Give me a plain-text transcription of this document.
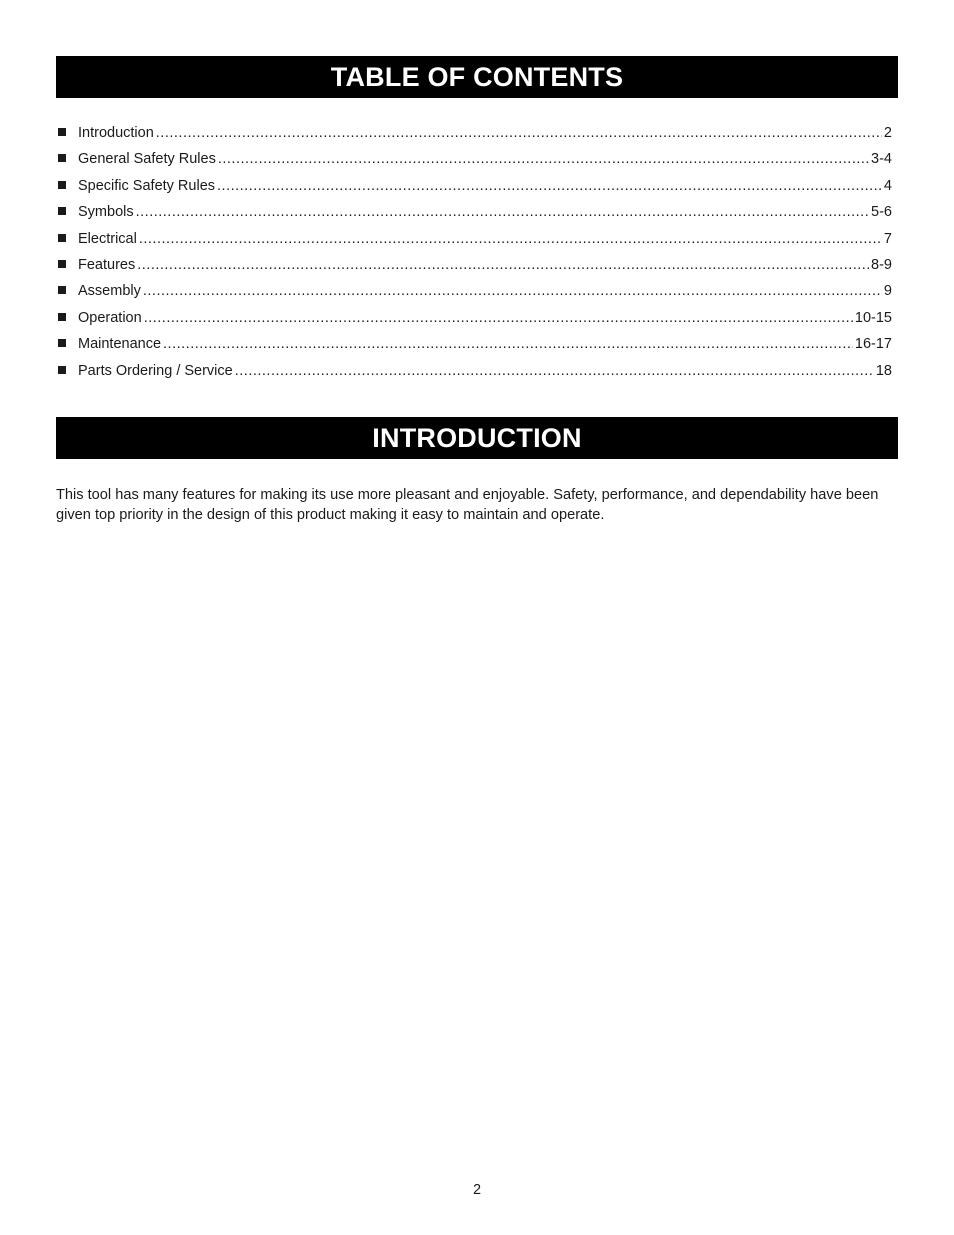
TABLE OF CONTENTS
Introduction .....	2
General Safety Rules .....	3-4
Specific Safety Rules .....	4
Symbols .....	5-6
Electrical .....	7
Features .....	8-9
Assembly .....	9
Operation .....	10-15
Maintenance .....	16-17
Parts Ordering / Service .....	18
INTRODUCTION

This tool has many features for making its use more pleasant and enjoyable. Safety, performance, and dependability have been given top priority in the design of this product making it easy to maintain and operate.

2
